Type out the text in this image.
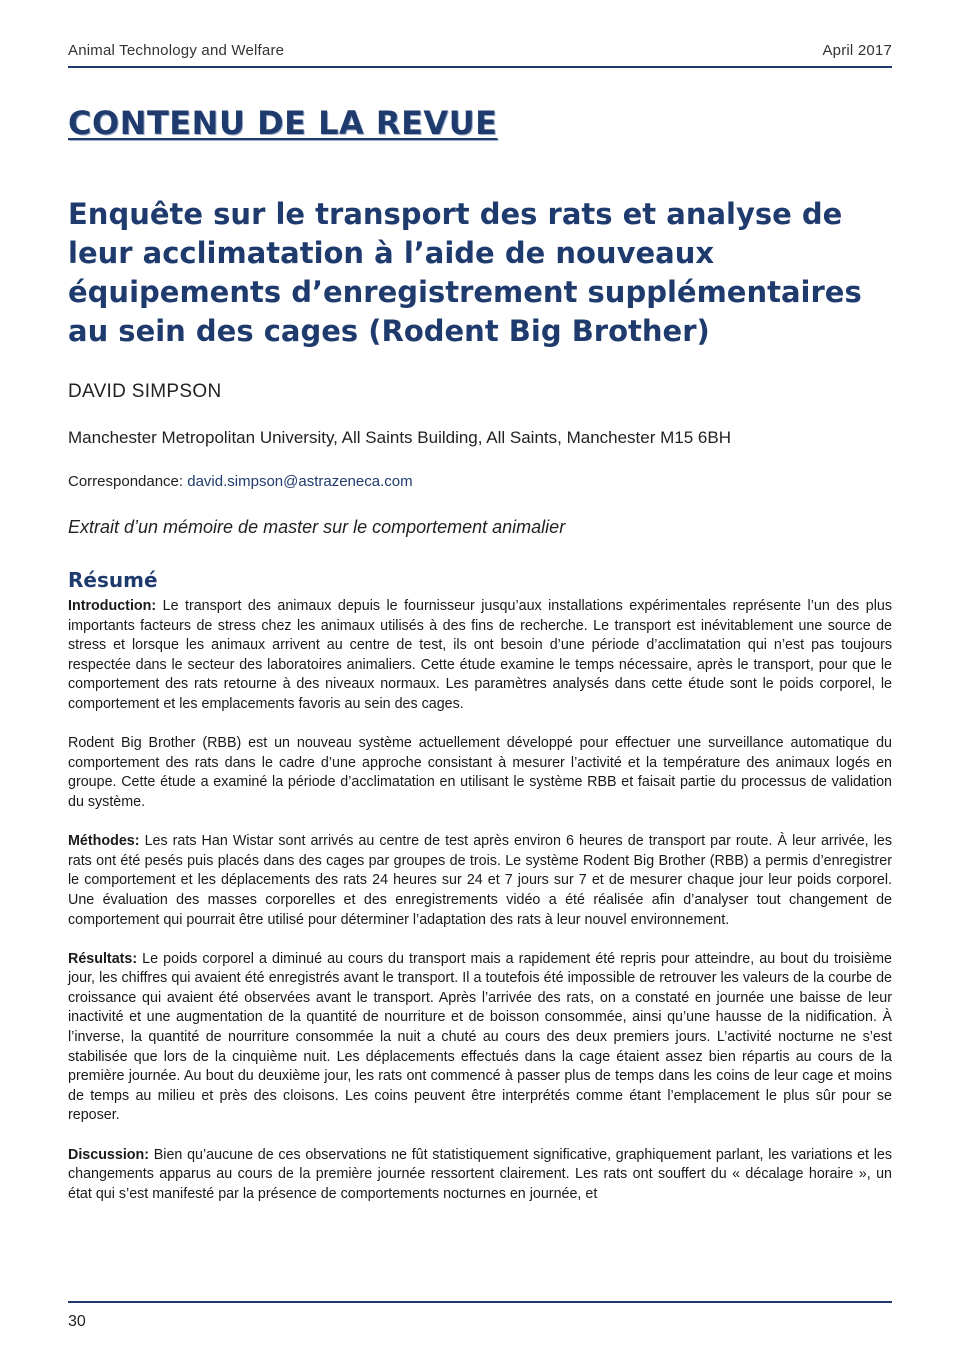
Animal Technology and Welfare	April 2017
CONTENU DE LA REVUE
Enquête sur le transport des rats et analyse de leur acclimatation à l’aide de nouveaux équipements d’enregistrement supplémentaires au sein des cages (Rodent Big Brother)
DAVID SIMPSON
Manchester Metropolitan University, All Saints Building, All Saints, Manchester M15 6BH
Correspondance: david.simpson@astrazeneca.com
Extrait d’un mémoire de master sur le comportement animalier
Résumé

Introduction: Le transport des animaux depuis le fournisseur jusqu’aux installations expérimentales représente l’un des plus importants facteurs de stress chez les animaux utilisés à des fins de recherche. Le transport est inévitablement une source de stress et lorsque les animaux arrivent au centre de test, ils ont besoin d’une période d’acclimatation qui n’est pas toujours respectée dans le secteur des laboratoires animaliers. Cette étude examine le temps nécessaire, après le transport, pour que le comportement des rats retourne à des niveaux normaux. Les paramètres analysés dans cette étude sont le poids corporel, le comportement et les emplacements favoris au sein des cages.

Rodent Big Brother (RBB) est un nouveau système actuellement développé pour effectuer une surveillance automatique du comportement des rats dans le cadre d’une approche consistant à mesurer l’activité et la température des animaux logés en groupe. Cette étude a examiné la période d’acclimatation en utilisant le système RBB et faisait partie du processus de validation du système.

Méthodes: Les rats Han Wistar sont arrivés au centre de test après environ 6 heures de transport par route. À leur arrivée, les rats ont été pesés puis placés dans des cages par groupes de trois. Le système Rodent Big Brother (RBB) a permis d’enregistrer le comportement et les déplacements des rats 24 heures sur 24 et 7 jours sur 7 et de mesurer chaque jour leur poids corporel. Une évaluation des masses corporelles et des enregistrements vidéo a été réalisée afin d’analyser tout changement de comportement qui pourrait être utilisé pour déterminer l’adaptation des rats à leur nouvel environnement.

Résultats: Le poids corporel a diminué au cours du transport mais a rapidement été repris pour atteindre, au bout du troisième jour, les chiffres qui avaient été enregistrés avant le transport. Il a toutefois été impossible de retrouver les valeurs de la courbe de croissance qui avaient été observées avant le transport. Après l’arrivée des rats, on a constaté en journée une baisse de leur inactivité et une augmentation de la quantité de nourriture et de boisson consommée, ainsi qu’une hausse de la nidification. À l’inverse, la quantité de nourriture consommée la nuit a chuté au cours des deux premiers jours. L’activité nocturne ne s’est stabilisée que lors de la cinquième nuit. Les déplacements effectués dans la cage étaient assez bien répartis au cours de la première journée. Au bout du deuxième jour, les rats ont commencé à passer plus de temps dans les coins de leur cage et moins de temps au milieu et près des cloisons. Les coins peuvent être interprétés comme étant l’emplacement le plus sûr pour se reposer.

Discussion: Bien qu’aucune de ces observations ne fût statistiquement significative, graphiquement parlant, les variations et les changements apparus au cours de la première journée ressortent clairement. Les rats ont souffert du « décalage horaire », un état qui s’est manifesté par la présence de comportements nocturnes en journée, et

30
